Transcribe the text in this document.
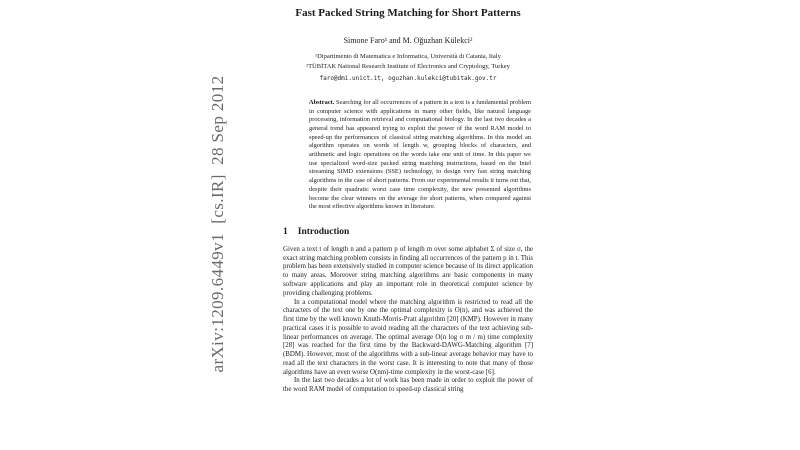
arXiv:1209.6449v1  [cs.IR]  28 Sep 2012
Fast Packed String Matching for Short Patterns
Simone Faro¹ and M. Oğuzhan Külekci²
¹Dipartimento di Matematica e Informatica, Università di Catania, Italy
²TÜBİTAK National Research Institute of Electronics and Cryptology, Turkey
faro@dmi.unict.it, oguzhan.kulekci@tubitak.gov.tr
Abstract. Searching for all occurrences of a pattern in a text is a fundamental problem in computer science with applications in many other fields, like natural language processing, information retrieval and computational biology. In the last two decades a general trend has appeared trying to exploit the power of the word RAM model to speed-up the performances of classical string matching algorithms. In this model an algorithm operates on words of length w, grouping blocks of characters, and arithmetic and logic operations on the words take one unit of time. In this paper we use specialized word-size packed string matching instructions, based on the Intel streaming SIMD extensions (SSE) technology, to design very fast string matching algorithms in the case of short patterns. From our experimental results it turns out that, despite their quadratic worst case time complexity, the new presented algorithms become the clear winners on the average for short patterns, when compared against the most effective algorithms known in literature.
1 Introduction

Given a text t of length n and a pattern p of length m over some alphabet Σ of size σ, the exact string matching problem consists in finding all occurrences of the pattern p in t. This problem has been extensively studied in computer science because of its direct application to many areas. Moreover string matching algorithms are basic components in many software applications and play an important role in theoretical computer science by providing challenging problems.

In a computational model where the matching algorithm is restricted to read all the characters of the text one by one the optimal complexity is O(n), and was achieved the first time by the well known Knuth-Morris-Pratt algorithm [20] (KMP). However in many practical cases it is possible to avoid reading all the characters of the text achieving sub-linear performances on average. The optimal average O(n log σ m / m) time complexity [28] was reached for the first time by the Backward-DAWG-Matching algorithm [7] (BDM). However, most of the algorithms with a sub-linear average behavior may have to read all the text characters in the worst case. It is interesting to note that many of those algorithms have an even worse O(nm)-time complexity in the worst-case [6].

In the last two decades a lot of work has been made in order to exploit the power of the word RAM model of computation to speed-up classical string
